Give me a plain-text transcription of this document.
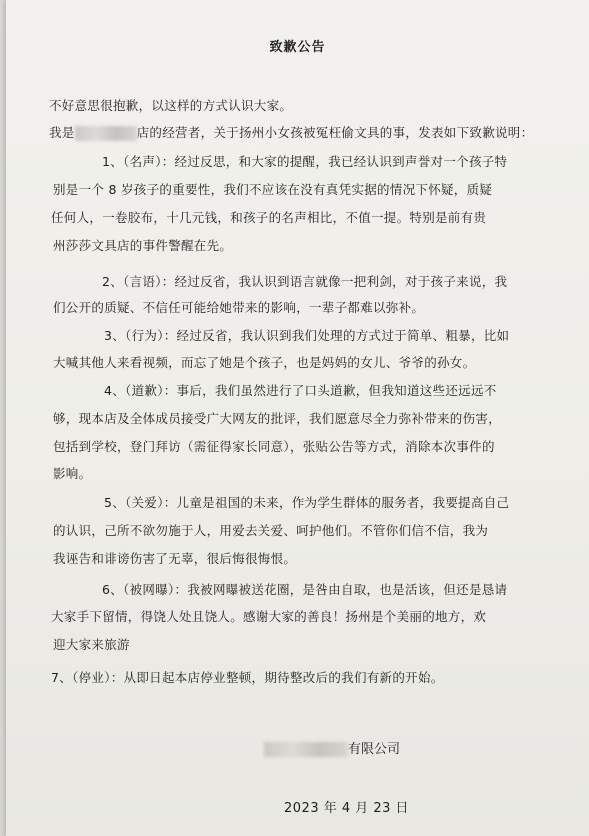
致歉公告
不好意思很抱歉，以这样的方式认识大家。
我是	店的经营者，关于扬州小女孩被冤枉偷文具的事，发表如下致歉说明：
1、（名声）：经过反思，和大家的提醒，我已经认识到声誉对一个孩子特
别是一个 8 岁孩子的重要性，我们不应该在没有真凭实据的情况下怀疑，质疑
任何人，一卷胶布，十几元钱，和孩子的名声相比，不值一提。特别是前有贵
州莎莎文具店的事件警醒在先。
2、（言语）：经过反省，我认识到语言就像一把利剑，对于孩子来说，我
们公开的质疑、不信任可能给她带来的影响，一辈子都难以弥补。
3、（行为）：经过反省，我认识到我们处理的方式过于简单、粗暴，比如
大喊其他人来看视频，而忘了她是个孩子，也是妈妈的女儿、爷爷的孙女。
4、（道歉）：事后，我们虽然进行了口头道歉，但我知道这些还远远不
够，现本店及全体成员接受广大网友的批评，我们愿意尽全力弥补带来的伤害，
包括到学校，登门拜访（需征得家长同意），张贴公告等方式，消除本次事件的
影响。
5、（关爱）：儿童是祖国的未来，作为学生群体的服务者，我要提高自己
的认识，己所不欲勿施于人，用爱去关爱、呵护他们。不管你们信不信，我为
我诬告和诽谤伤害了无辜，很后悔很悔恨。
6、（被网曝）：我被网曝被送花圈，是咎由自取，也是活该，但还是恳请
大家手下留情，得饶人处且饶人。感谢大家的善良！扬州是个美丽的地方，欢
迎大家来旅游
7、（停业）：从即日起本店停业整顿，期待整改后的我们有新的开始。
有限公司
2023 年 4 月 23 日
